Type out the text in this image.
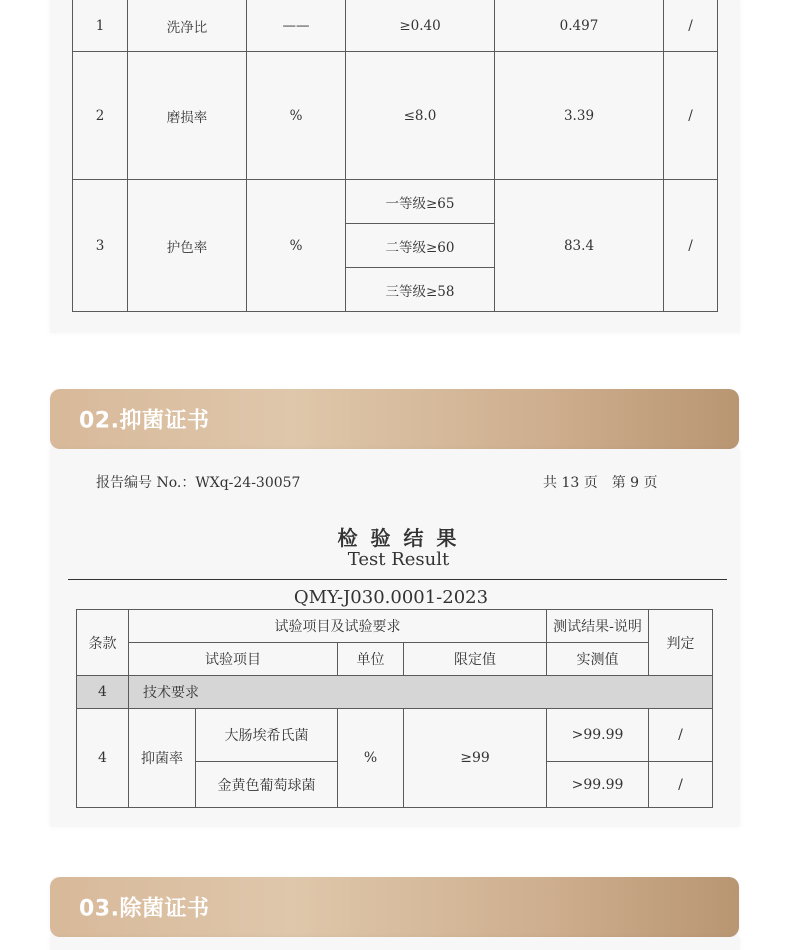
1	洗净比	——	≥0.40	0.497	/
2	磨损率	%	≤8.0	3.39	/
3	护色率	%	一等级≥65	83.4	/
			二等级≥60		
			三等级≥58		
02.抑菌证书
报告编号 No.：WXq-24-30057	共 13 页　第 9 页
检 验 结 果
Test Result
QMY-J030.0001-2023
条款	试验项目及试验要求				测试结果-说明	判定
	试验项目		单位	限定值	实测值	
4	技术要求					
4	抑菌率	大肠埃希氏菌	%	≥99	>99.99	/
		金黄色葡萄球菌			>99.99	/
03.除菌证书
